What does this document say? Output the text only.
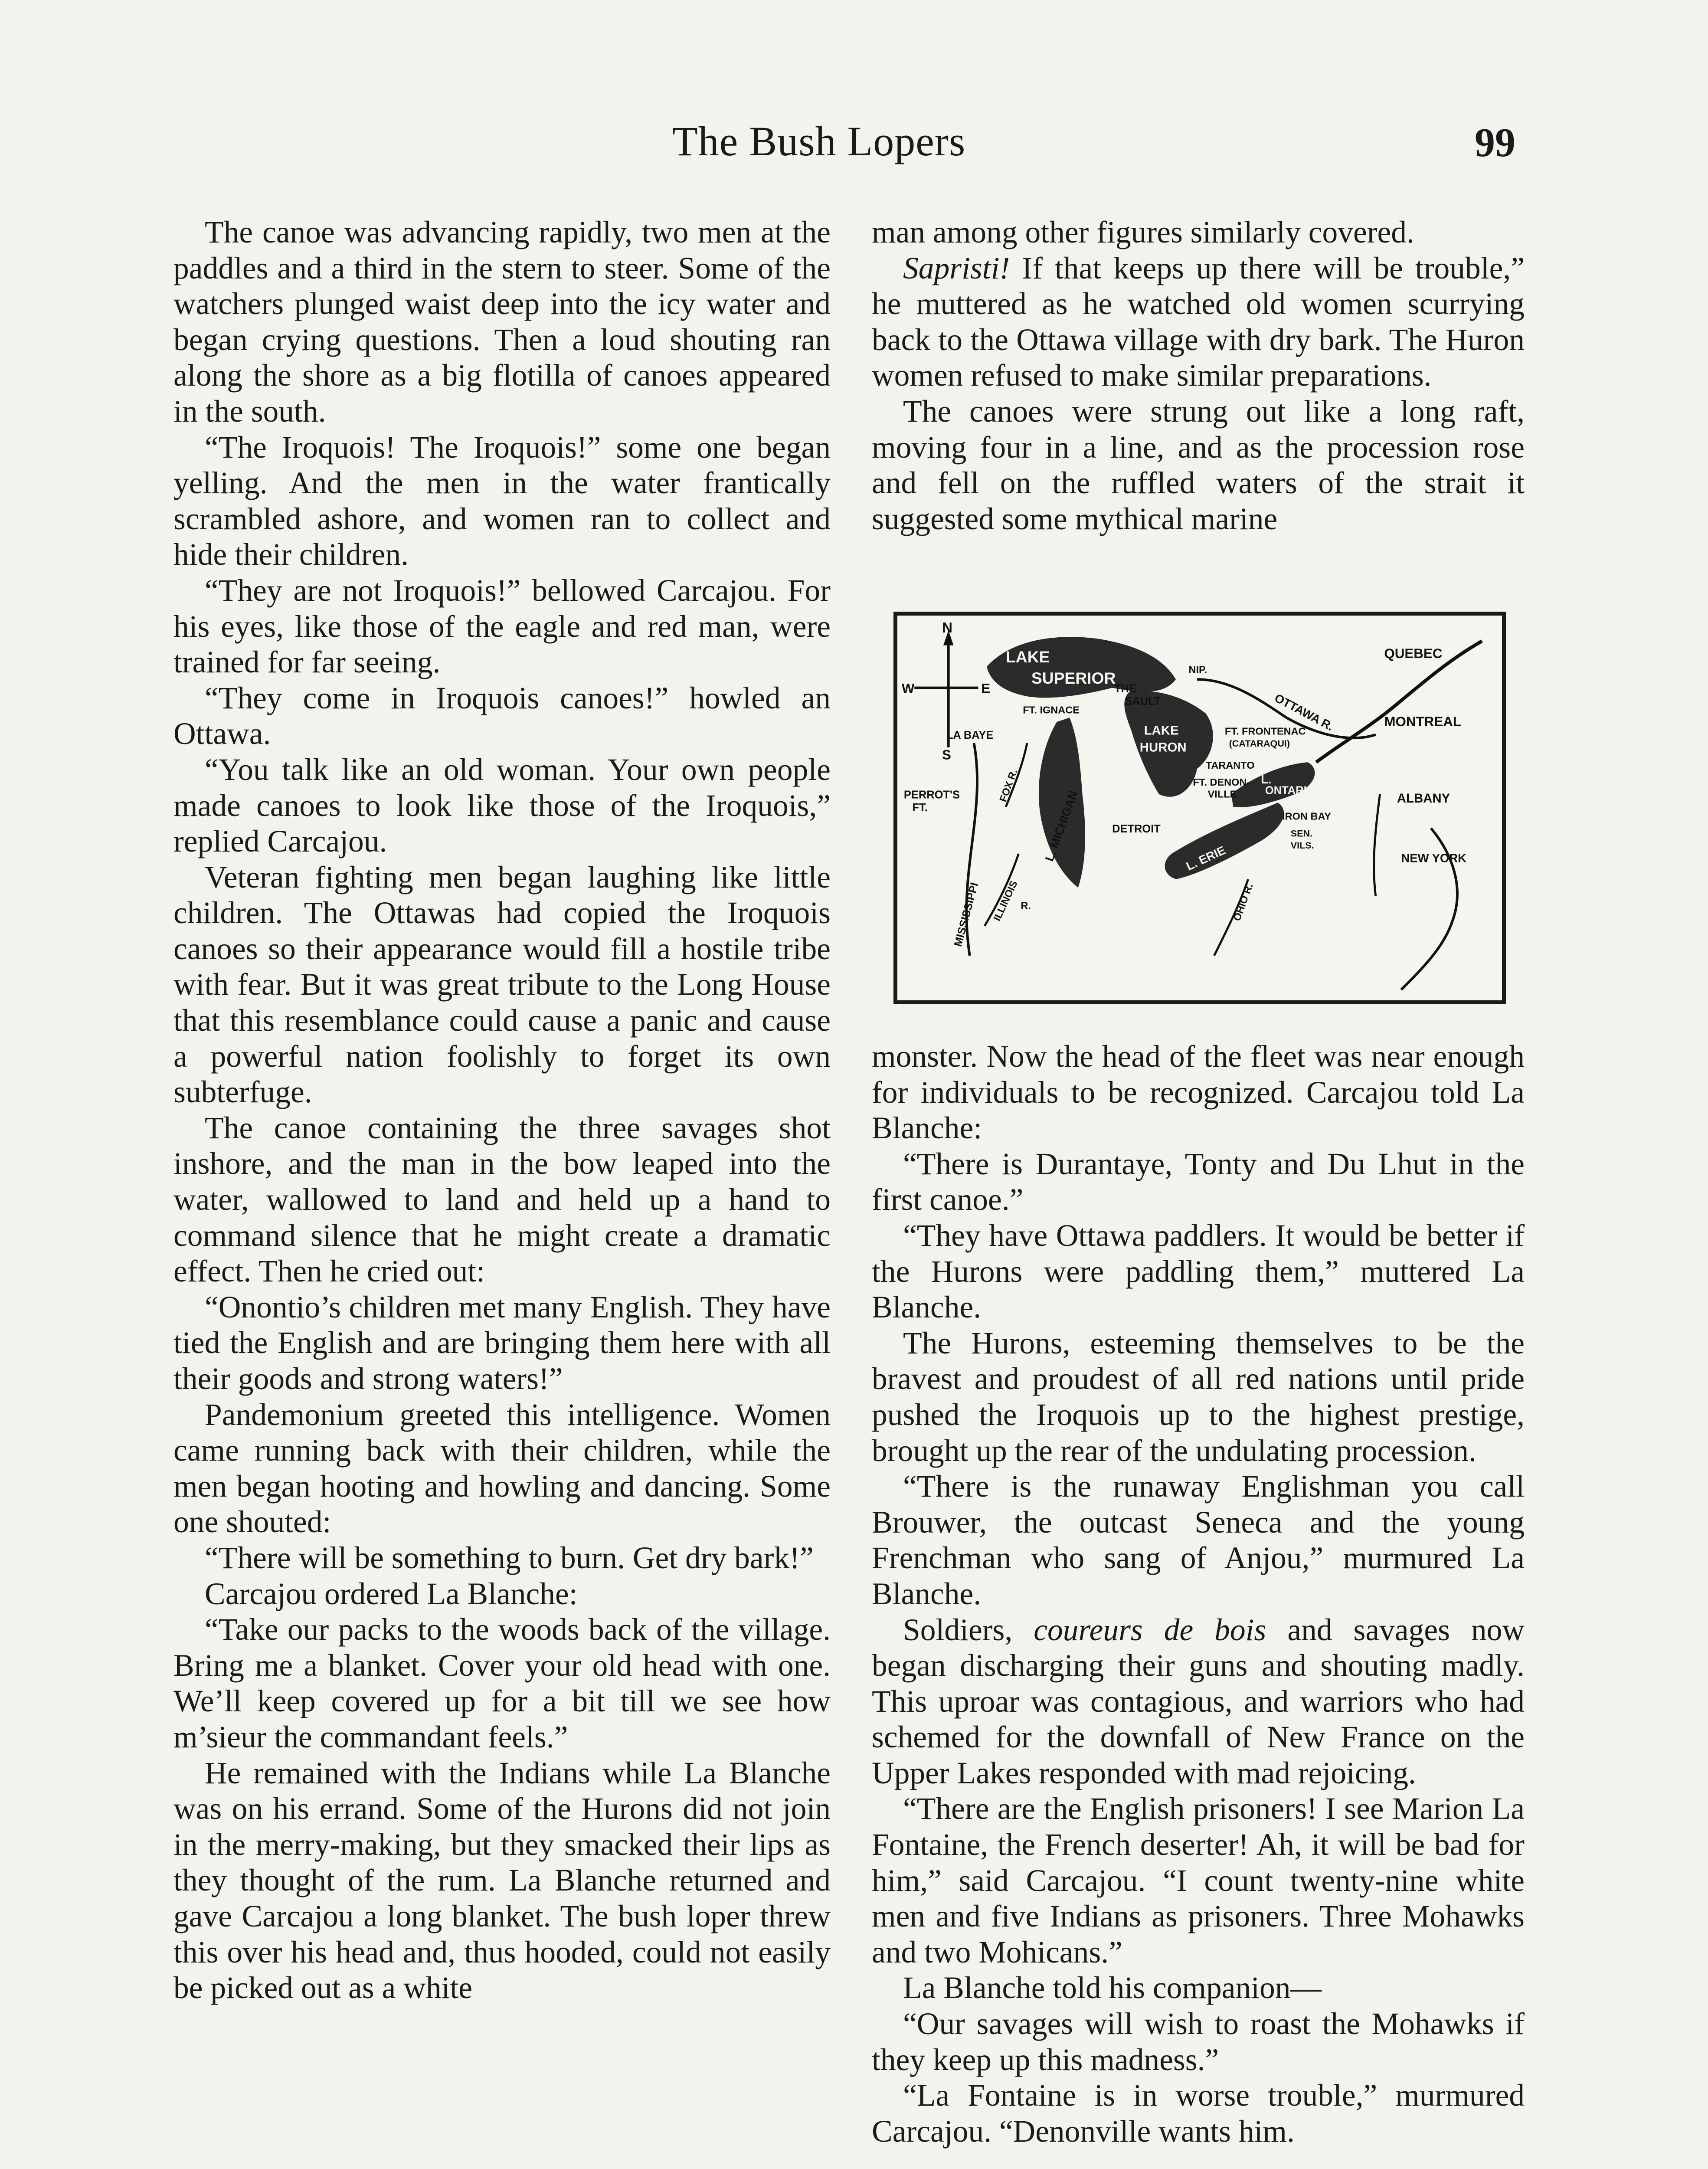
The Bush Lopers	99

The canoe was advancing rapidly, two men at the paddles and a third in the stern to steer. Some of the watchers plunged waist deep into the icy water and began crying questions. Then a loud shouting ran along the shore as a big flotilla of canoes appeared in the south.

“The Iroquois! The Iroquois!” some one began yelling. And the men in the water frantically scrambled ashore, and women ran to collect and hide their children.

“They are not Iroquois!” bellowed Carcajou. For his eyes, like those of the eagle and red man, were trained for far seeing.

“They come in Iroquois canoes!” howled an Ottawa.

“You talk like an old woman. Your own people made canoes to look like those of the Iroquois,” replied Carcajou.

Veteran fighting men began laughing like little children. The Ottawas had copied the Iroquois canoes so their appearance would fill a hostile tribe with fear. But it was great tribute to the Long House that this resemblance could cause a panic and cause a powerful nation foolishly to forget its own subterfuge.

The canoe containing the three savages shot inshore, and the man in the bow leaped into the water, wallowed to land and held up a hand to command silence that he might create a dramatic effect. Then he cried out:

“Onontio’s children met many English. They have tied the English and are bringing them here with all their goods and strong waters!”

Pandemonium greeted this intelligence. Women came running back with their children, while the men began hooting and howling and dancing. Some one shouted:

“There will be something to burn. Get dry bark!”

Carcajou ordered La Blanche:

“Take our packs to the woods back of the village. Bring me a blanket. Cover your old head with one. We’ll keep covered up for a bit till we see how m’sieur the commandant feels.”

He remained with the Indians while La Blanche was on his errand. Some of the Hurons did not join in the merry-making, but they smacked their lips as they thought of the rum. La Blanche returned and gave Carcajou a long blanket. The bush loper threw this over his head and, thus hooded, could not easily be picked out as a white

man among other figures similarly covered.

Sapristi! If that keeps up there will be trouble,” he muttered as he watched old women scurrying back to the Ottawa village with dry bark. The Huron women refused to make similar preparations.

The canoes were strung out like a long raft, moving four in a line, and as the procession rose and fell on the ruffled waters of the strait it suggested some mythical marine

N
W	E
S
LAKE
SUPERIOR
THE
SAULT
FT. IGNACE
NIP.
OTTAWA R.
QUEBEC
MONTREAL
LA BAYE	LAKE
HURON
FT. FRONTENAC
(CATARAQUI)
TARANTO
FT. DENON-
VILLE
L.
ONTARIO
PERROT'S
FT.
FOX R.
L. MICHIGAN	DETROIT
L. ERIE
IRON BAY
SEN.
VILS.
ALBANY
NEW YORK
OHIO R.
MISSISSIPPI ILLINOIS R.

monster. Now the head of the fleet was near enough for individuals to be recognized. Carcajou told La Blanche:

“There is Durantaye, Tonty and Du Lhut in the first canoe.”

“They have Ottawa paddlers. It would be better if the Hurons were paddling them,” muttered La Blanche.

The Hurons, esteeming themselves to be the bravest and proudest of all red nations until pride pushed the Iroquois up to the highest prestige, brought up the rear of the undulating procession.

“There is the runaway Englishman you call Brouwer, the outcast Seneca and the young Frenchman who sang of Anjou,” murmured La Blanche.

Soldiers, coureurs de bois and savages now began discharging their guns and shouting madly. This uproar was contagious, and warriors who had schemed for the downfall of New France on the Upper Lakes responded with mad rejoicing.

“There are the English prisoners! I see Marion La Fontaine, the French deserter! Ah, it will be bad for him,” said Carcajou. “I count twenty-nine white men and five Indians as prisoners. Three Mohawks and two Mohicans.”

La Blanche told his companion—

“Our savages will wish to roast the Mohawks if they keep up this madness.”

“La Fontaine is in worse trouble,” murmured Carcajou. “Denonville wants him.
